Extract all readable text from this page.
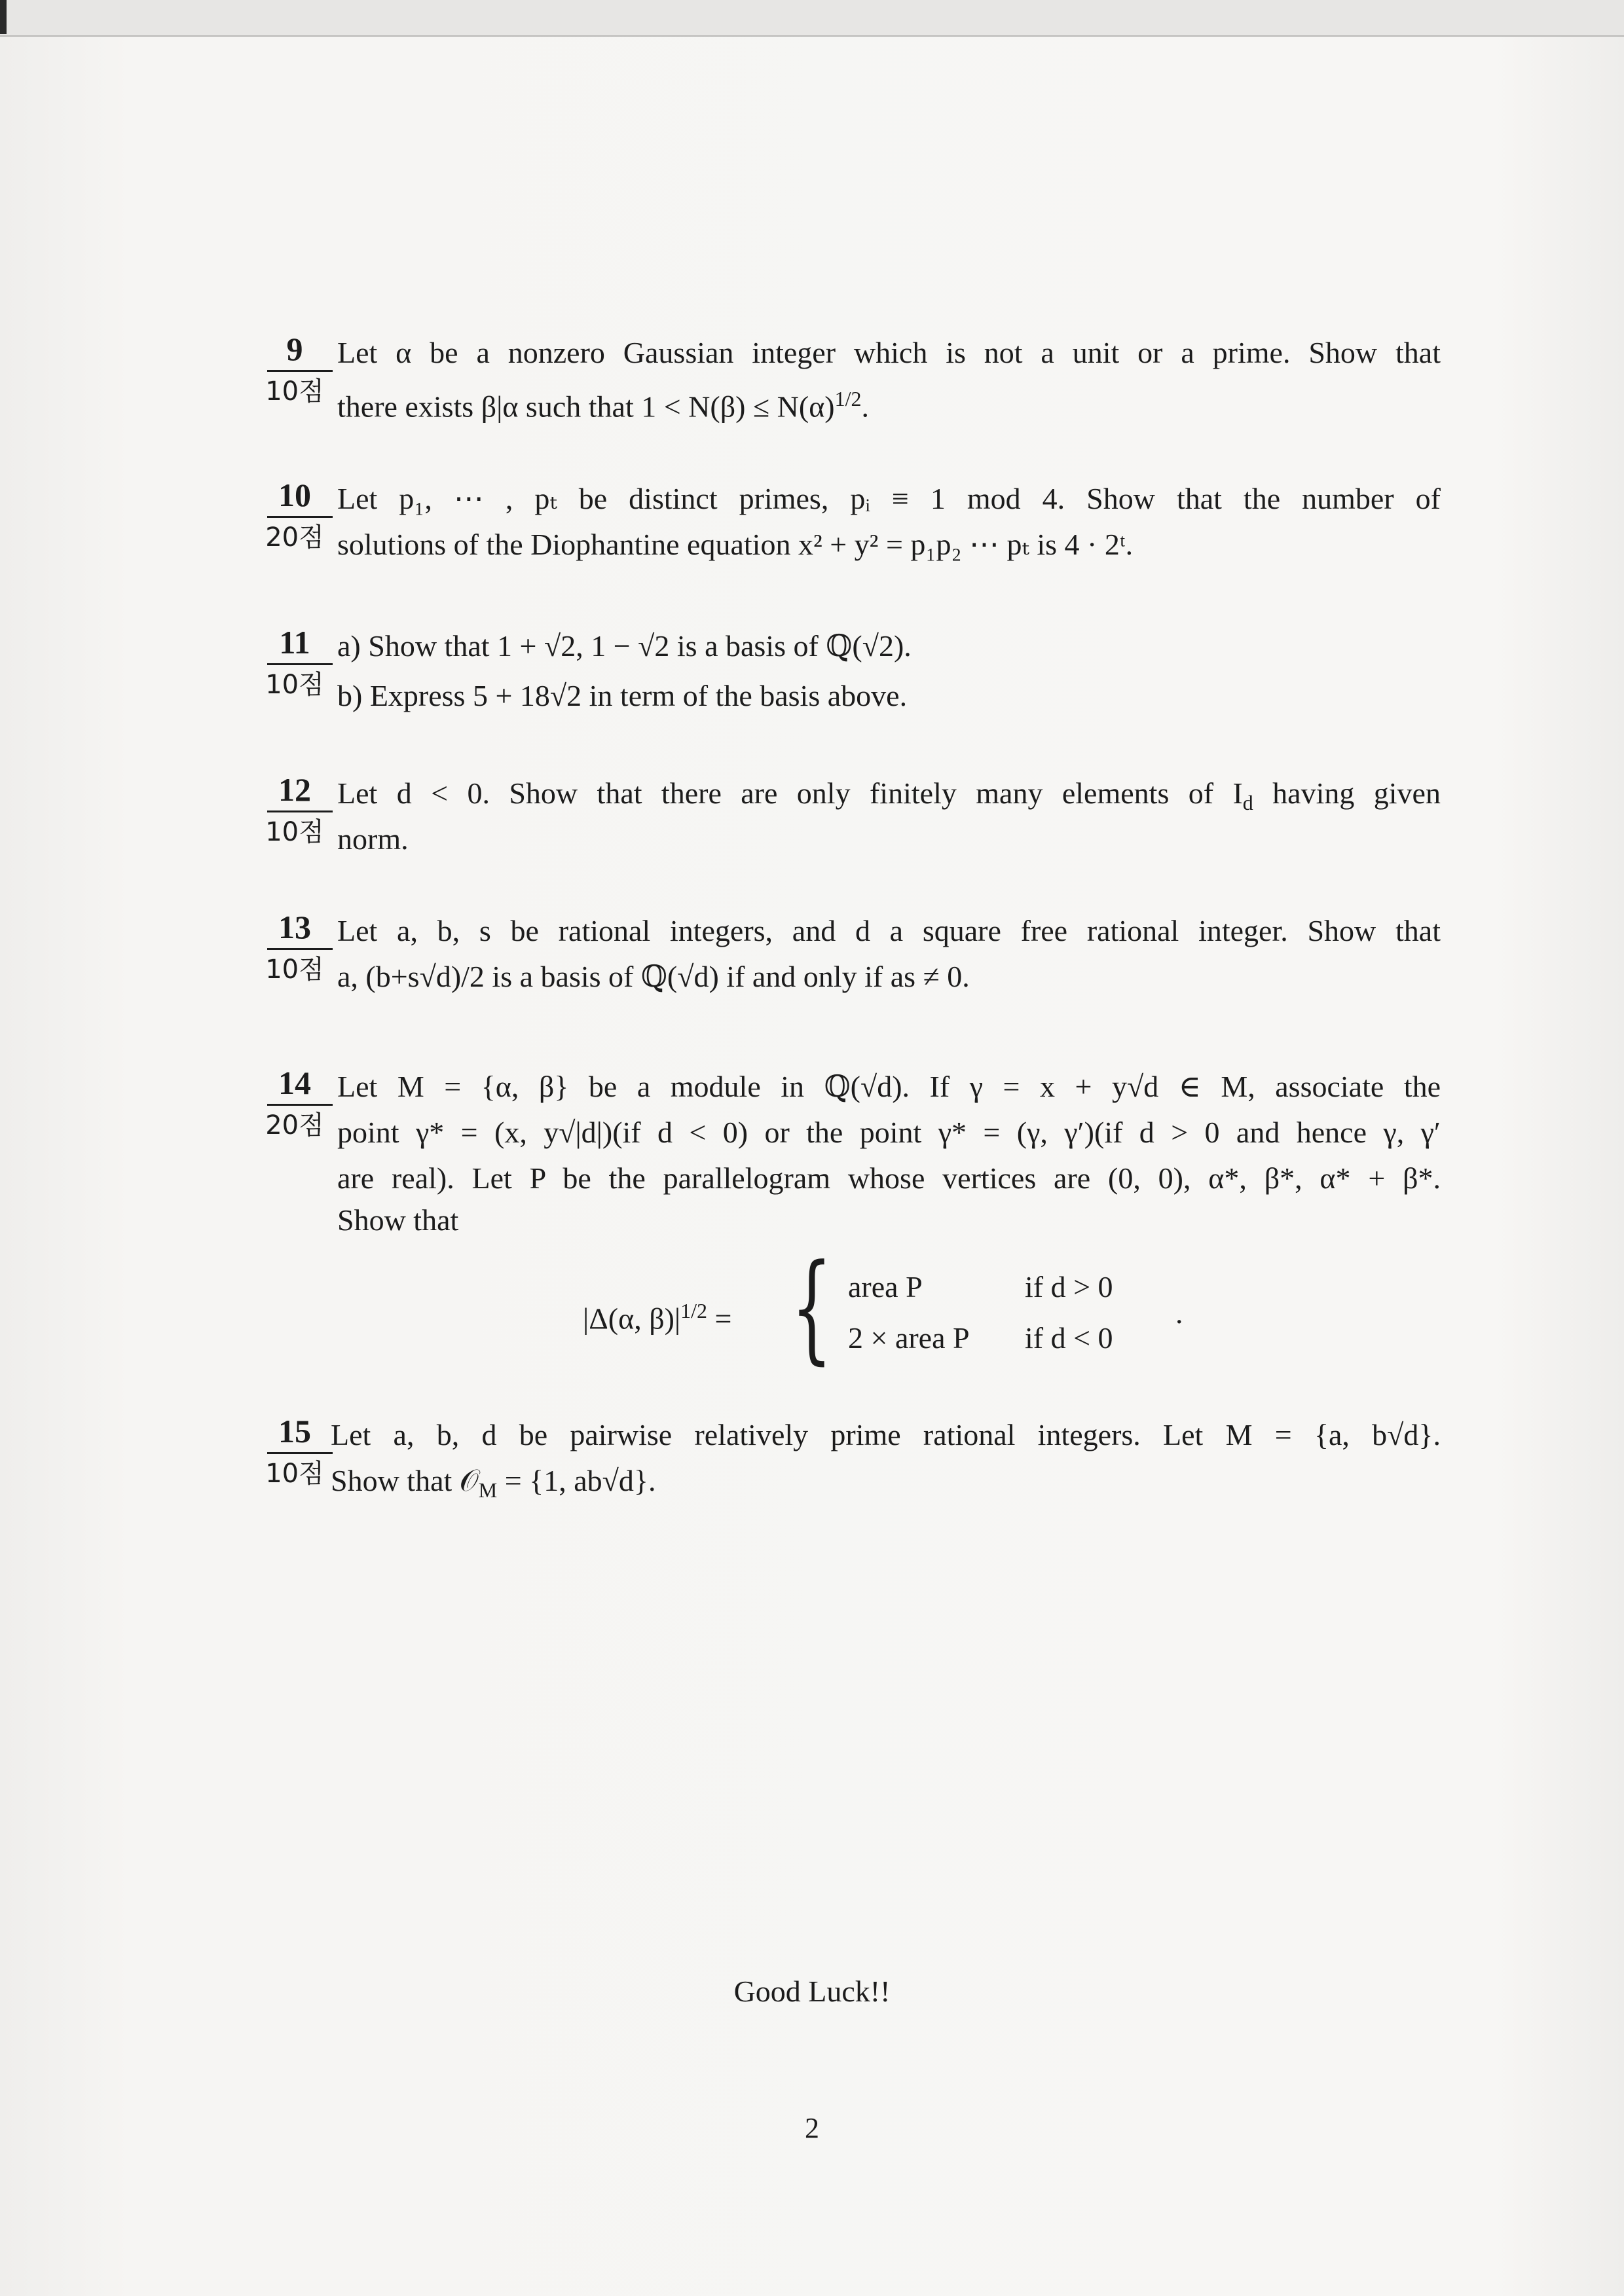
9
10점
Let α be a nonzero Gaussian integer which is not a unit or a prime. Show that
there exists β|α such that $1 < N(\beta) \le N(\alpha)^{1/2}$.
10
20점
Let p₁, ⋯ , pₜ be distinct primes, pᵢ ≡ 1 mod 4. Show that the number of
solutions of the Diophantine equation x² + y² = p₁p₂ ⋯ pₜ is 4 · 2ᵗ.
11
10점
a) Show that 1 + √2, 1 − √2 is a basis of ℚ(√2).
b) Express 5 + 18√2 in term of the basis above.
12
10점
Let d < 0. Show that there are only finitely many elements of $I_d$ having given
norm.
13
10점
Let a, b, s be rational integers, and d a square free rational integer. Show that
a, (b+s√d)/2 is a basis of ℚ(√d) if and only if as ≠ 0.
14
20점
Let M = {α, β} be a module in ℚ(√d). If γ = x + y√d ∈ M, associate the
point γ* = (x, y√|d|)(if d < 0) or the point γ* = (γ, γ′)(if d > 0 and hence γ, γ′
are real). Let P be the parallelogram whose vertices are (0, 0), α*, β*, α* + β*.
Show that
|Δ(α, $\beta)|^{1/2}$ = { area P	if d > 0
2 × area P	if d < 0
.
15
10점
Let a, b, d be pairwise relatively prime rational integers. Let M = {a, b√d}.
Show that 𝒪$_M$ = {1, ab√d}.
Good Luck!!
2
